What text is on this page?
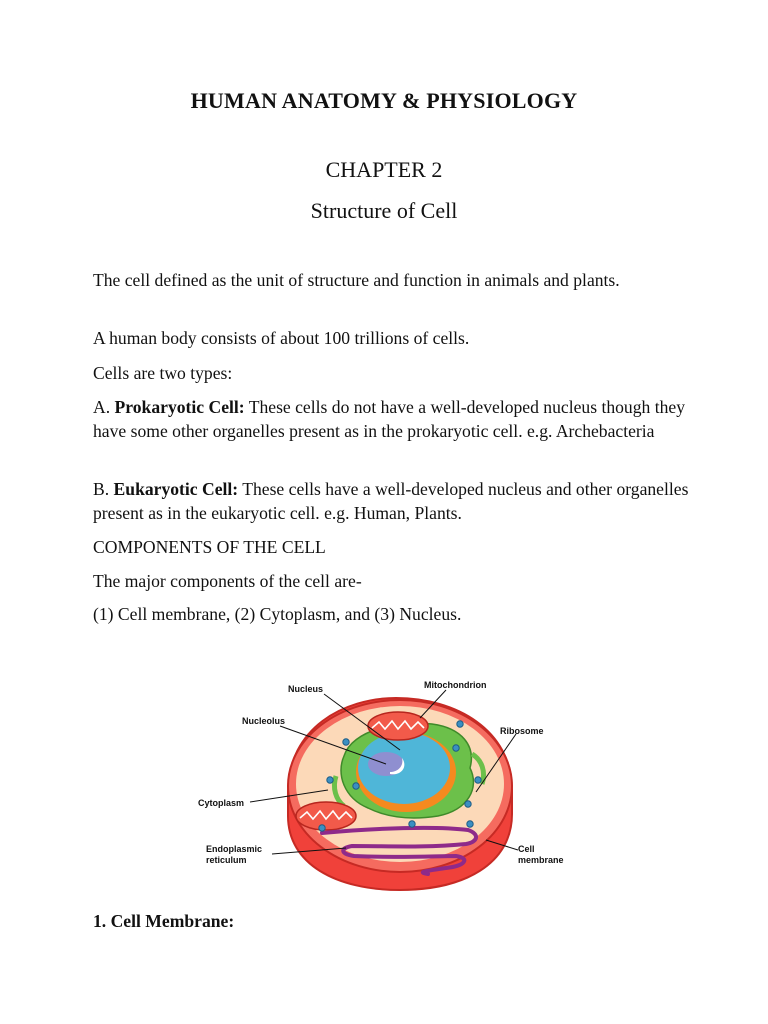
HUMAN ANATOMY & PHYSIOLOGY
CHAPTER 2
Structure of Cell
The cell defined as the unit of structure and function in animals and plants.
A human body consists of about 100 trillions of cells.
Cells are two types:
A. Prokaryotic Cell: These cells do not have a well-developed nucleus though they have some other organelles present as in the prokaryotic cell. e.g. Archebacteria
B. Eukaryotic Cell: These cells have a well-developed nucleus and other organelles present as in the eukaryotic cell. e.g. Human, Plants.
COMPONENTS OF THE CELL
The major components of the cell are-
(1) Cell membrane, (2) Cytoplasm, and (3) Nucleus.
Nucleus	Mitochondrion
Nucleolus
Ribosome
Cytoplasm
Endoplasmic
reticulum
Cell
membrane
1. Cell Membrane:
